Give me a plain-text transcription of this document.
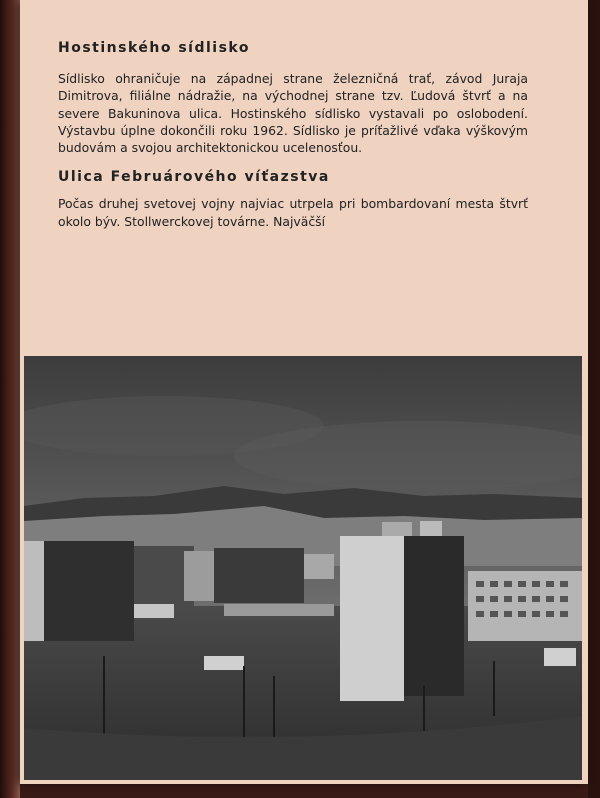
Hostinského sídlisko

Sídlisko ohraničuje na západnej strane železničná trať, závod Juraja Dimitrova, filiálne nádražie, na východnej strane tzv. Ľudová štvrť a na severe Bakuninova ulica. Hostinského sídlisko vystavali po oslobodení. Výstavbu úplne dokončili roku 1962. Sídlisko je príťažlivé vďaka výškovým budovám a svojou architektonickou ucelenosťou.

Ulica Februárového víťazstva

Počas druhej svetovej vojny najviac utrpela pri bombardovaní mesta štvrť okolo býv. Stollwerckovej továrne. Najväčší
